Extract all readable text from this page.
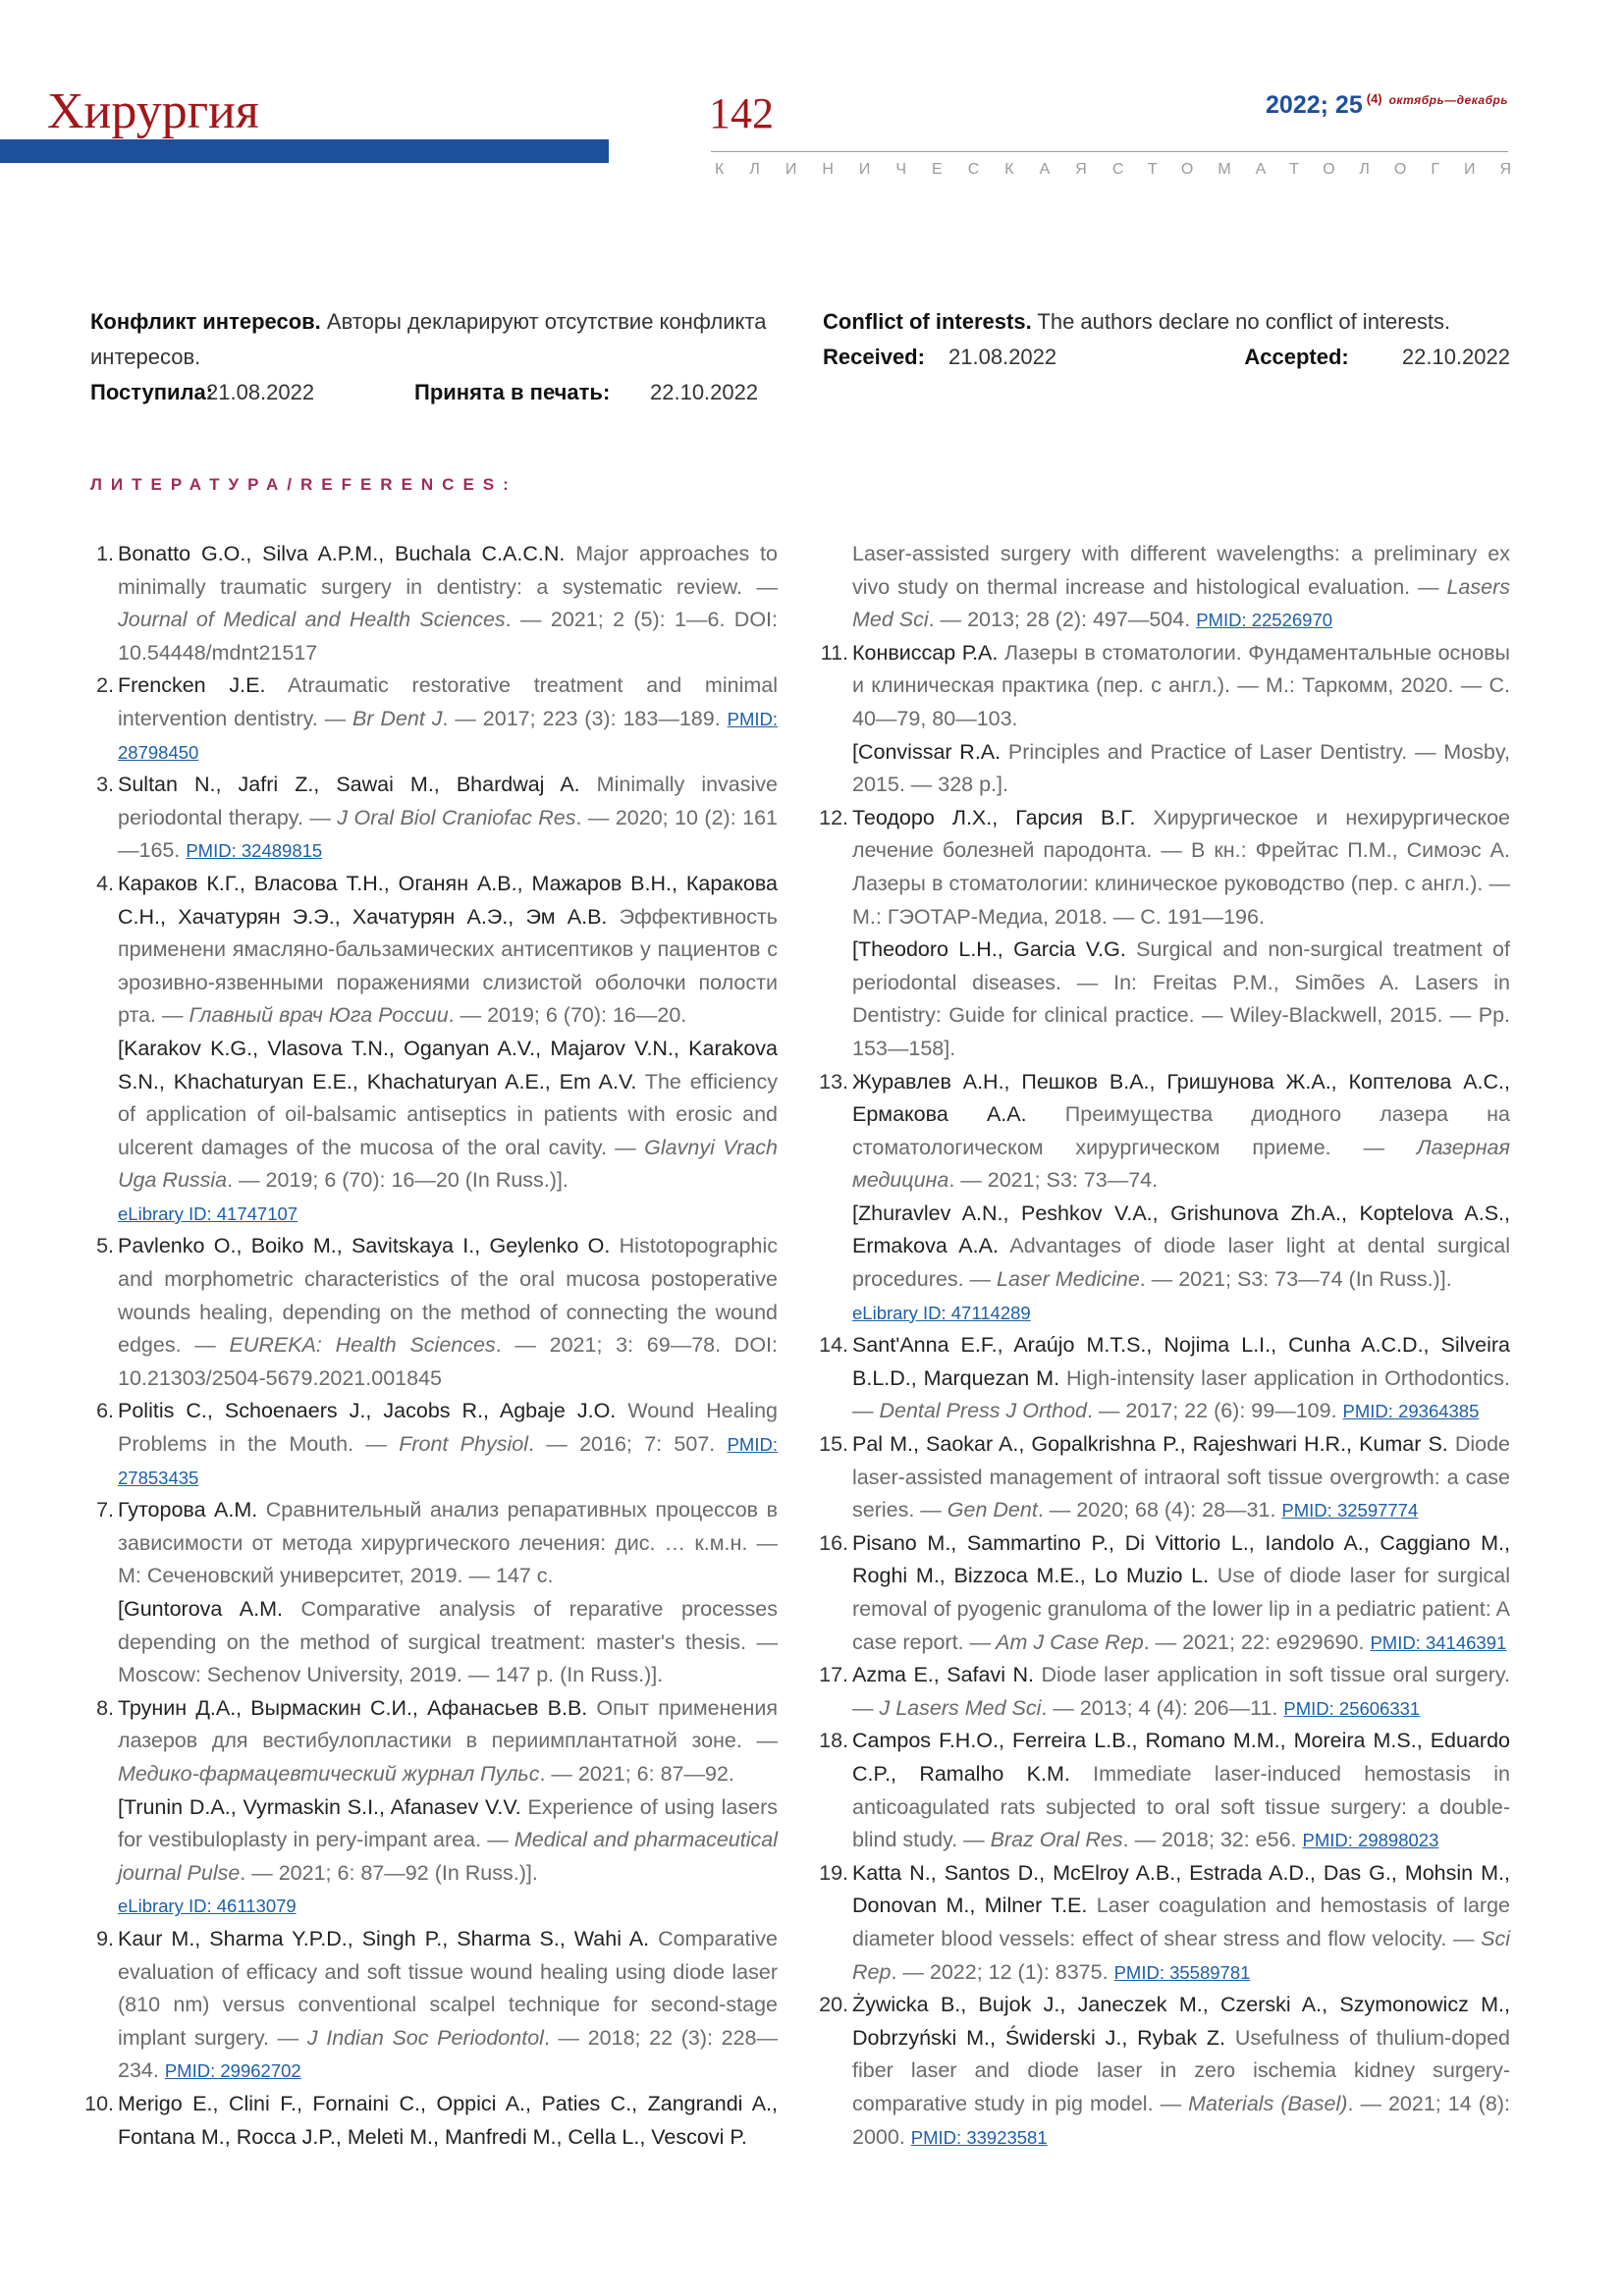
Хирургия	142	2022; 25 $^{(4)}$ $^{октябрь—декабрь}$
КЛИНИЧЕСКАЯ СТОМАТОЛОГИЯ
Конфликт интересов. Авторы декларируют отсутствие конфликта интересов.
Поступила:
21.08.2022	Принята в печать:	22.10.2022
Conflict of interests. The authors declare no conflict of interests.
Received:	21.08.2022	Accepted:	22.10.2022
ЛИТЕРАТУРА/REFERENCES:
1. Bonatto G.O., Silva A.P.M., Buchala C.A.C.N. Major approaches to minimally traumatic surgery in dentistry: a systematic review. — Journal of Medical and Health Sciences. — 2021; 2 (5): 1—6. DOI: 10.54448/mdnt21517
2. Frencken J.E. Atraumatic restorative treatment and minimal intervention dentistry. — Br Dent J. — 2017; 223 (3): 183—189. PMID: 28798450
3. Sultan N., Jafri Z., Sawai M., Bhardwaj A. Minimally invasive periodontal therapy. — J Oral Biol Craniofac Res. — 2020; 10 (2): 161—165. PMID: 32489815
4. Караков К.Г., Власова Т.Н., Оганян А.В., Мажаров В.Н., Каракова С.Н., Хачатурян Э.Э., Хачатурян А.Э., Эм А.В. Эффективность применени ямасляно-бальзамических антисептиков у пациентов с эрозивно-язвенными поражениями слизистой оболочки полости рта. — Главный врач Юга России. — 2019; 6 (70): 16—20.
[Karakov K.G., Vlasova T.N., Oganyan A.V., Majarov V.N., Karakova S.N., Khachaturyan E.E., Khachaturyan A.E., Em A.V. The efficiency of application of oil-balsamic antiseptics in patients with erosic and ulcerent damages of the mucosa of the oral cavity. — Glavnyi Vrach Uga Russia. — 2019; 6 (70): 16—20 (In Russ.)].
eLibrary ID: 41747107
5. Pavlenko O., Boiko M., Savitskaya I., Geylenko O. Histotopographic and morphometric characteristics of the oral mucosa postoperative wounds healing, depending on the method of connecting the wound edges. — EUREKA: Health Sciences. — 2021; 3: 69—78. DOI: 10.21303/2504-5679.2021.001845
6. Politis C., Schoenaers J., Jacobs R., Agbaje J.O. Wound Healing Problems in the Mouth. — Front Physiol. — 2016; 7: 507. PMID: 27853435
7. Гуторова А.М. Сравнительный анализ репаративных процессов в зависимости от метода хирургического лечения: дис. … к.м.н. — М: Сеченовский университет, 2019. — 147 с.
[Guntorova A.M. Comparative analysis of reparative processes depending on the method of surgical treatment: master's thesis. — Moscow: Sechenov University, 2019. — 147 p. (In Russ.)].
8. Трунин Д.А., Вырмаскин С.И., Афанасьев В.В. Опыт применения лазеров для вестибулопластики в периимплантатной зоне. — Медико-фармацевтический журнал Пульс. — 2021; 6: 87—92.
[Trunin D.A., Vyrmaskin S.I., Afanasev V.V. Experience of using lasers for vestibuloplasty in pery-impant area. — Medical and pharmaceutical journal Pulse. — 2021; 6: 87—92 (In Russ.)].
eLibrary ID: 46113079
9. Kaur M., Sharma Y.P.D., Singh P., Sharma S., Wahi A. Comparative evaluation of efficacy and soft tissue wound healing using diode laser (810 nm) versus conventional scalpel technique for second-stage implant surgery. — J Indian Soc Periodontol. — 2018; 22 (3): 228—234. PMID: 29962702
10. Merigo E., Clini F., Fornaini C., Oppici A., Paties C., Zangrandi A., Fontana M., Rocca J.P., Meleti M., Manfredi M., Cella L., Vescovi P.
Laser-assisted surgery with different wavelengths: a preliminary ex vivo study on thermal increase and histological evaluation. — Lasers Med Sci. — 2013; 28 (2): 497—504. PMID: 22526970
11. Конвиссар Р.А. Лазеры в стоматологии. Фундаментальные основы и клиническая практика (пер. с англ.). — М.: Таркомм, 2020. — С. 40—79, 80—103.
[Convissar R.A. Principles and Practice of Laser Dentistry. — Mosby, 2015. — 328 p.].
12. Теодоро Л.Х., Гарсия В.Г. Хирургическое и нехирургическое лечение болезней пародонта. — В кн.: Фрейтас П.М., Симоэс А. Лазеры в стоматологии: клиническое руководство (пер. с англ.). — М.: ГЭОТАР-Медиа, 2018. — С. 191—196.
[Theodoro L.H., Garcia V.G. Surgical and non-surgical treatment of periodontal diseases. — In: Freitas P.M., Simões A. Lasers in Dentistry: Guide for clinical practice. — Wiley-Blackwell, 2015. — Pp. 153—158].
13. Журавлев А.Н., Пешков В.А., Гришунова Ж.А., Коптелова А.С., Ермакова А.А. Преимущества диодного лазера на стоматологическом хирургическом приеме. — Лазерная медицина. — 2021; S3: 73—74.
[Zhuravlev A.N., Peshkov V.A., Grishunova Zh.A., Koptelova A.S., Ermakova A.A. Advantages of diode laser light at dental surgical procedures. — Laser Medicine. — 2021; S3: 73—74 (In Russ.)].
eLibrary ID: 47114289
14. Sant'Anna E.F., Araújo M.T.S., Nojima L.I., Cunha A.C.D., Silveira B.L.D., Marquezan M. High-intensity laser application in Orthodontics. — Dental Press J Orthod. — 2017; 22 (6): 99—109. PMID: 29364385
15. Pal M., Saokar A., Gopalkrishna P., Rajeshwari H.R., Kumar S. Diode laser-assisted management of intraoral soft tissue overgrowth: a case series. — Gen Dent. — 2020; 68 (4): 28—31. PMID: 32597774
16. Pisano M., Sammartino P., Di Vittorio L., Iandolo A., Caggiano M., Roghi M., Bizzoca M.E., Lo Muzio L. Use of diode laser for surgical removal of pyogenic granuloma of the lower lip in a pediatric patient: A case report. — Am J Case Rep. — 2021; 22: e929690. PMID: 34146391
17. Azma E., Safavi N. Diode laser application in soft tissue oral surgery. — J Lasers Med Sci. — 2013; 4 (4): 206—11. PMID: 25606331
18. Campos F.H.O., Ferreira L.B., Romano M.M., Moreira M.S., Eduardo C.P., Ramalho K.M. Immediate laser-induced hemostasis in anticoagulated rats subjected to oral soft tissue surgery: a double-blind study. — Braz Oral Res. — 2018; 32: e56. PMID: 29898023
19. Katta N., Santos D., McElroy A.B., Estrada A.D., Das G., Mohsin M., Donovan M., Milner T.E. Laser coagulation and hemostasis of large diameter blood vessels: effect of shear stress and flow velocity. — Sci Rep. — 2022; 12 (1): 8375. PMID: 35589781
20. Żywicka B., Bujok J., Janeczek M., Czerski A., Szymonowicz M., Dobrzyński M., Świderski J., Rybak Z. Usefulness of thulium-doped fiber laser and diode laser in zero ischemia kidney surgery-comparative study in pig model. — Materials (Basel). — 2021; 14 (8): 2000. PMID: 33923581
